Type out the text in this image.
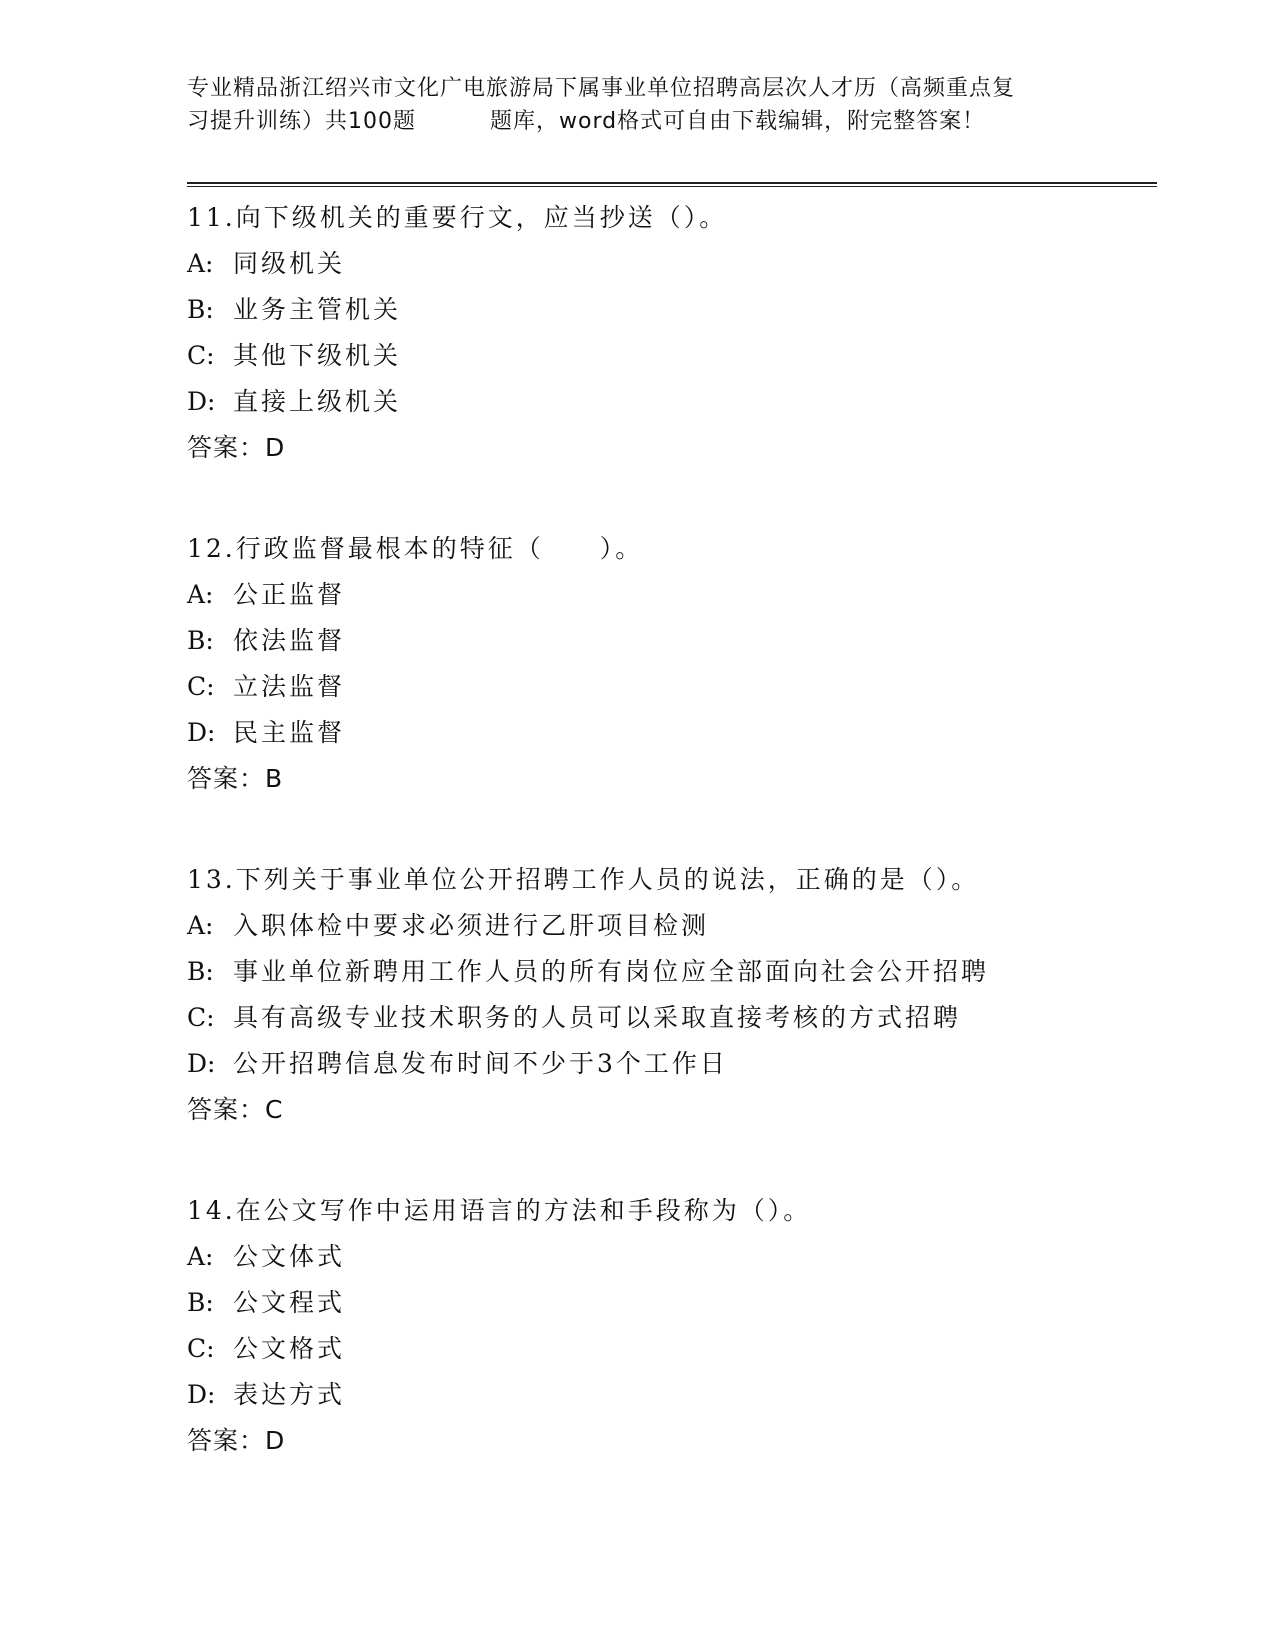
专业精品浙江绍兴市文化广电旅游局下属事业单位招聘高层次人才历（高频重点复
习提升训练）共100题	题库，word格式可自由下载编辑，附完整答案！
11.向下级机关的重要行文，应当抄送（）。
A: 同级机关
B: 业务主管机关
C: 其他下级机关
D: 直接上级机关
答案：D
12.行政监督最根本的特征（　　）。
A: 公正监督
B: 依法监督
C: 立法监督
D: 民主监督
答案：B
13.下列关于事业单位公开招聘工作人员的说法，正确的是（）。
A: 入职体检中要求必须进行乙肝项目检测
B: 事业单位新聘用工作人员的所有岗位应全部面向社会公开招聘
C: 具有高级专业技术职务的人员可以采取直接考核的方式招聘
D: 公开招聘信息发布时间不少于3个工作日
答案：C
14.在公文写作中运用语言的方法和手段称为（）。
A: 公文体式
B: 公文程式
C: 公文格式
D: 表达方式
答案：D
